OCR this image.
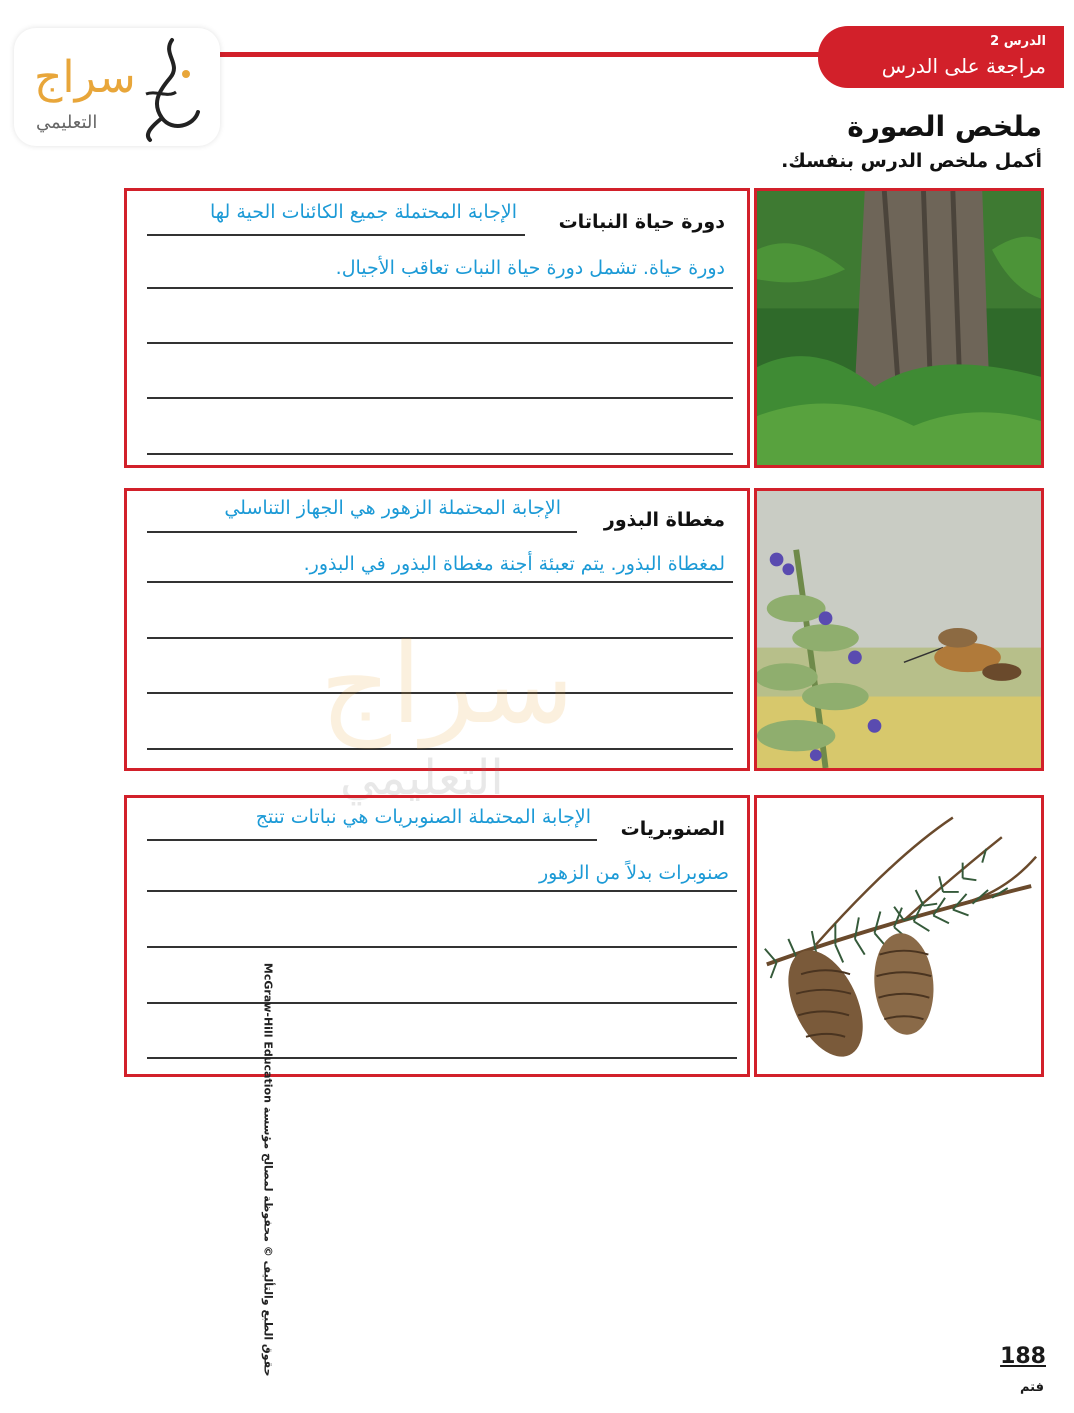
الدرس 2
مراجعة على الدرس
سراج
التعليمي	ملخص الصورة
أكمل ملخص الدرس بنفسك.
دورة حياة النباتات
الإجابة المحتملة جميع الكائنات الحية لها
دورة حياة. تشمل دورة حياة النبات تعاقب الأجيال.
مغطاة البذور
الإجابة المحتملة الزهور هي الجهاز التناسلي
لمغطاة البذور. يتم تعبئة أجنة مغطاة البذور في البذور.
سراج
التعليمي
الصنوبريات
الإجابة المحتملة الصنوبريات هي نباتات تنتج
صنوبرات بدلاً من الزهور
حقوق الطبع والتأليف © محفوظة لمصالح مؤسسة McGraw-Hill Education	188
فتم
